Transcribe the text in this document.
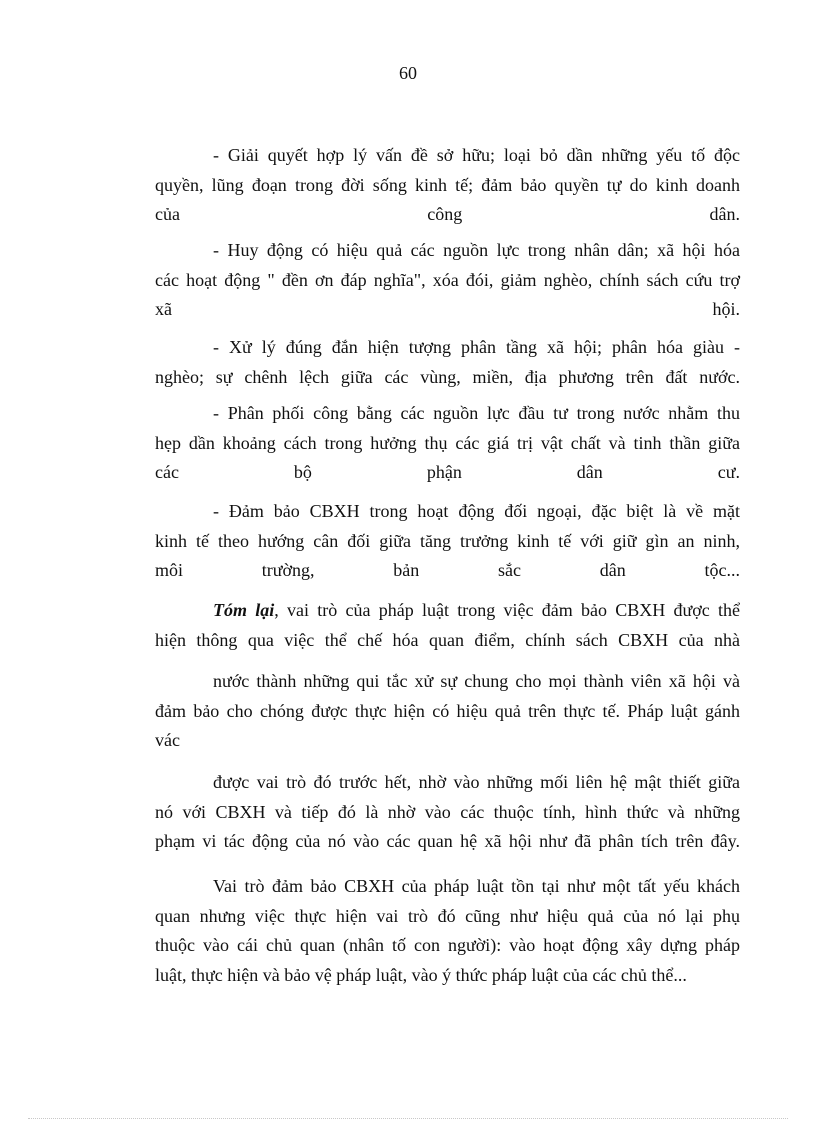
60
- Giải quyết hợp lý vấn đề sở hữu; loại bỏ dần những yếu tố độc
quyền, lũng đoạn trong đời sống kinh tế; đảm bảo quyền tự do kinh doanh
của công dân.
- Huy động có hiệu quả các nguồn lực trong nhân dân; xã hội hóa
các hoạt động " đền ơn đáp nghĩa", xóa đói, giảm nghèo, chính sách cứu trợ
xã hội.
- Xử lý đúng đắn hiện tượng phân tầng xã hội; phân hóa giàu -
nghèo; sự chênh lệch giữa các vùng, miền, địa phương trên đất nước.
- Phân phối công bằng các nguồn lực đầu tư trong nước nhằm thu
hẹp dần khoảng cách trong hưởng thụ các giá trị vật chất và tinh thần giữa
các bộ phận dân cư.
- Đảm bảo CBXH trong hoạt động đối ngoại, đặc biệt là về mặt
kinh tế theo hướng cân đối giữa tăng trưởng kinh tế với giữ gìn an ninh,
môi trường, bản sắc dân tộc...
Tóm lại, vai trò của pháp luật trong việc đảm bảo CBXH được thể
hiện thông qua việc thể chế hóa quan điểm, chính sách CBXH của nhà
nước thành những qui tắc xử sự chung cho mọi thành viên xã hội và
đảm bảo cho chóng được thực hiện có hiệu quả trên thực tế. Pháp luật gánh
vác
được vai trò đó trước hết, nhờ vào những mối liên hệ mật thiết giữa
nó với CBXH và tiếp đó là nhờ vào các thuộc tính, hình thức và những
phạm vi tác động của nó vào các quan hệ xã hội như đã phân tích trên đây.
Vai trò đảm bảo CBXH của pháp luật tồn tại như một tất yếu khách
quan nhưng việc thực hiện vai trò đó cũng như hiệu quả của nó lại phụ
thuộc vào cái chủ quan (nhân tố con người): vào hoạt động xây dựng pháp
luật, thực hiện và bảo vệ pháp luật, vào ý thức pháp luật của các chủ thể...
